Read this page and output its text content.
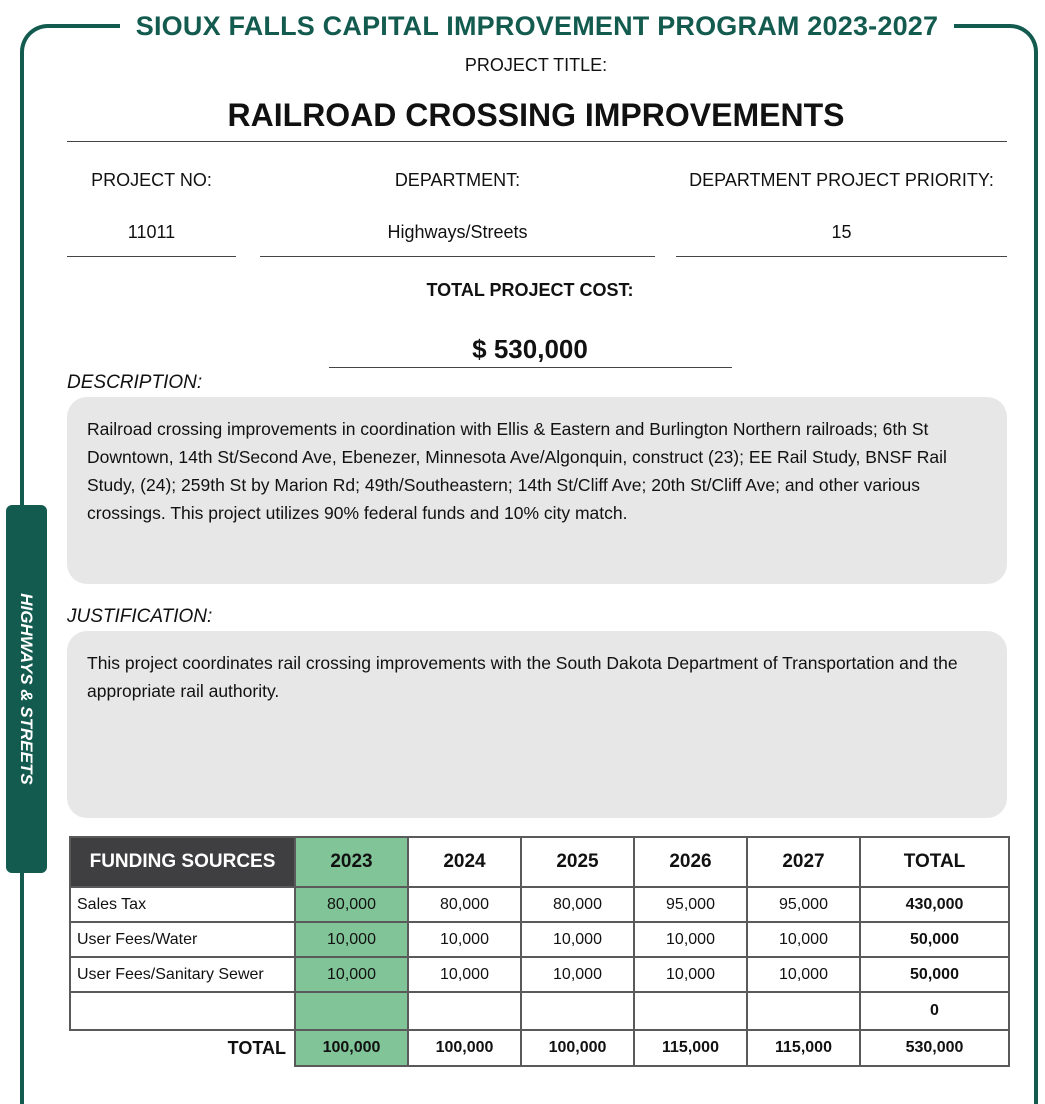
SIOUX FALLS CAPITAL IMPROVEMENT PROGRAM 2023-2027
PROJECT TITLE:
RAILROAD CROSSING IMPROVEMENTS
PROJECT NO:	DEPARTMENT:	DEPARTMENT PROJECT PRIORITY:
11011	Highways/Streets	15
TOTAL PROJECT COST:
$ 530,000
DESCRIPTION:
Railroad crossing improvements in coordination with Ellis & Eastern and Burlington Northern railroads; 6th St Downtown, 14th St/Second Ave, Ebenezer, Minnesota Ave/Algonquin, construct (23); EE Rail Study, BNSF Rail Study, (24); 259th St by Marion Rd; 49th/Southeastern; 14th St/Cliff Ave; 20th St/Cliff Ave; and other various crossings. This project utilizes 90% federal funds and 10% city match.
JUSTIFICATION:
This project coordinates rail crossing improvements with the South Dakota Department of Transportation and the appropriate rail authority.
HIGHWAYS & STREETS
FUNDING SOURCES	2023	2024	2025	2026	2027	TOTAL
Sales Tax	80,000	80,000	80,000	95,000	95,000	430,000
User Fees/Water	10,000	10,000	10,000	10,000	10,000	50,000
User Fees/Sanitary Sewer	10,000	10,000	10,000	10,000	10,000	50,000
						0
TOTAL	100,000	100,000	100,000	115,000	115,000	530,000
